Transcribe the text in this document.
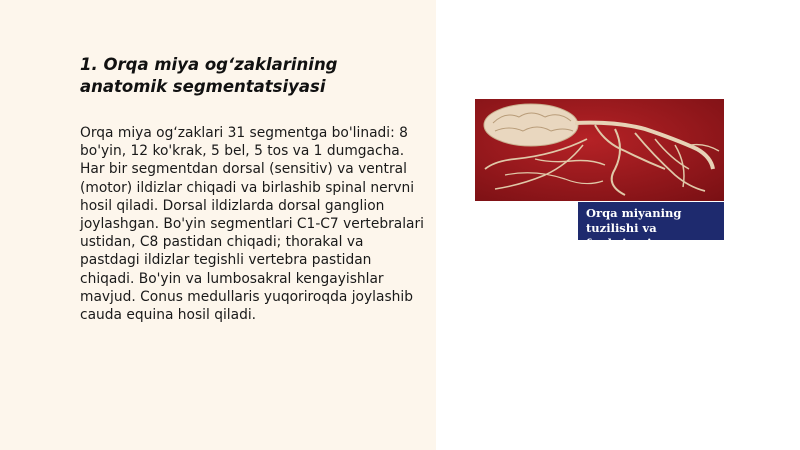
1. Orqa miya og‘zaklarining anatomik segmentatsiyasi

Orqa miya og‘zaklari 31 segmentga bo'linadi: 8 bo'yin, 12 ko'krak, 5 bel, 5 tos va 1 dumgacha. Har bir segmentdan dorsal (sensitiv) va ventral (motor) ildizlar chiqadi va birlashib spinal nervni hosil qiladi. Dorsal ildizlarda dorsal ganglion joylashgan. Bo'yin segmentlari C1-C7 vertebralari ustidan, C8 pastidan chiqadi; thorakal va pastdagi ildizlar tegishli vertebra pastidan chiqadi. Bo'yin va lumbosakral kengayishlar mavjud. Conus medullaris yuqoriroqda joylashib cauda equina hosil qiladi.

Orqa miyaning tuzilishi va funksiyasi
